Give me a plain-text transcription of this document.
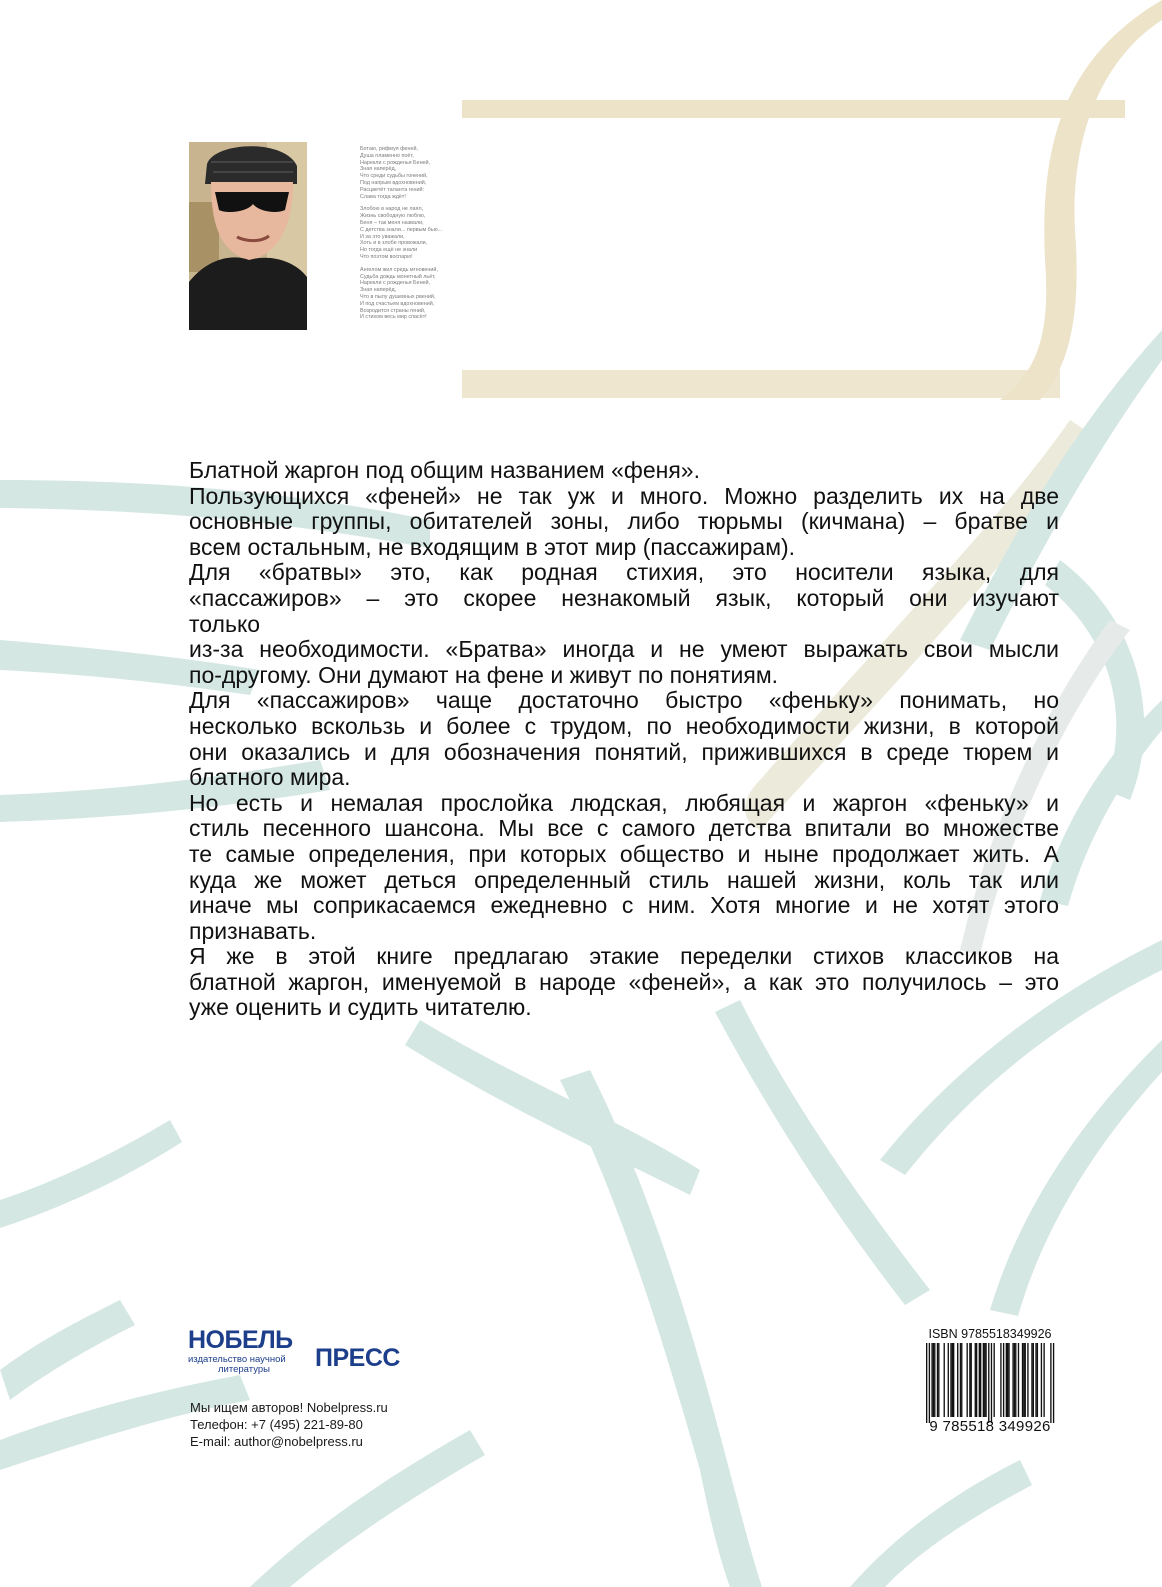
Ботаю, рифмуя феней,
Душа пламенно поёт,
Нарекли с рожденья Беней,
Зная наперёд,
Что среди судьбы гонений,
Под напрым вдохновений,
Расцветёт таланта гений:
Слава тогда ждёт!
Злобою в народ не лаял,
Жизнь свободную люблю,
Беня – так меня назвали,
С детства знали... первым бью...
И за это уважали,
Хоть и в злобе провожали,
Но тогда ещё не знали
Что поэтом воспарю!
Ангелом жил средь мгновений,
Судьба дождь монетный льёт,
Нарекли с рожденья Беней,
Зная наперёд,
Что в пылу душевных рвений,
И под счастьем вдохновений,
Возродится страны гений,
И стихом весь мир спасёт!
Блатной жаргон под общим названием «феня».
Пользующихся «феней» не так уж и много. Можно разделить их на две
основные группы, обитателей зоны, либо тюрьмы (кичмана) – братве и
всем остальным, не входящим в этот мир (пассажирам).
Для «братвы» это, как родная стихия, это носители языка, для
«пассажиров» – это скорее незнакомый язык, который они изучают
только
из-за необходимости. «Братва» иногда и не умеют выражать свои мысли
по-другому. Они думают на фене и живут по понятиям.
Для «пассажиров» чаще достаточно быстро «феньку» понимать, но
несколько вскользь и более с трудом, по необходимости жизни, в которой
они оказались и для обозначения понятий, прижившихся в среде тюрем и
блатного мира.
Но есть и немалая прослойка людская, любящая и жаргон «феньку» и
стиль песенного шансона. Мы все с самого детства впитали во множестве
те самые определения, при которых общество и ныне продолжает жить. А
куда же может деться определенный стиль нашей жизни, коль так или
иначе мы соприкасаемся ежедневно с ним. Хотя многие и не хотят этого
признавать.
Я же в этой книге предлагаю этакие переделки стихов классиков на
блатной жаргон, именуемой в народе «феней», а как это получилось – это
уже оценить и судить читателю.
НОБЕЛЬ
ПРЕСС
издательство научной
литературы
Мы ищем авторов! Nobelpress.ru
Телефон: +7 (495) 221-89-80
E-mail: author@nobelpress.ru
ISBN 9785518349926
9 785518 349926
